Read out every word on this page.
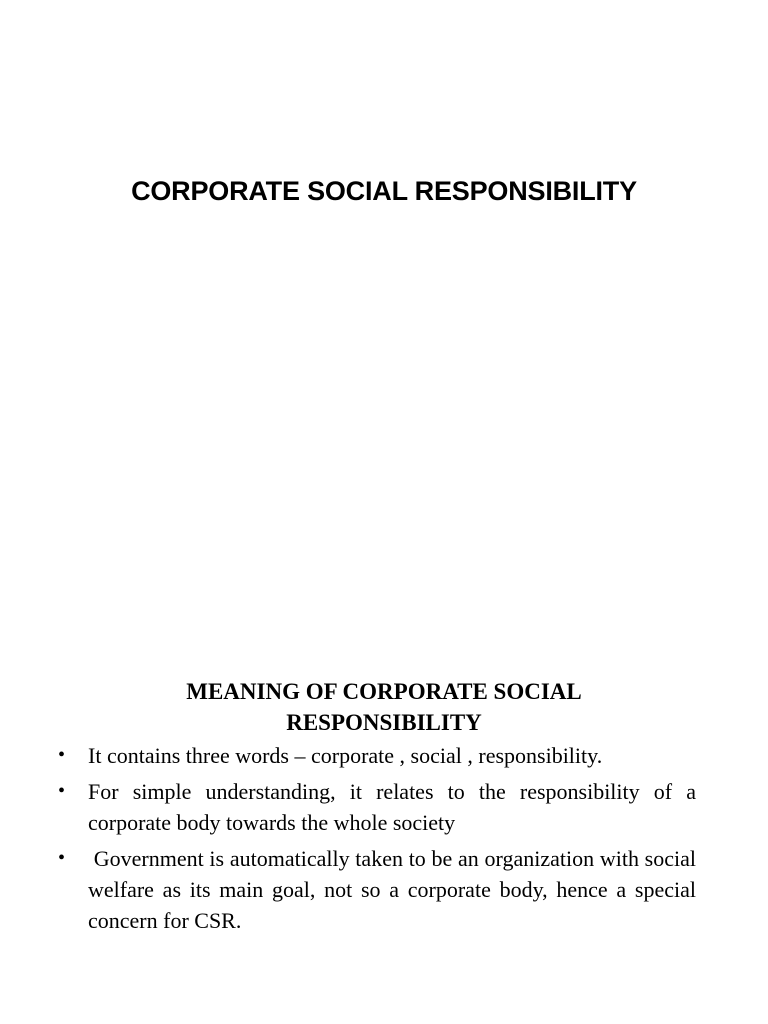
CORPORATE SOCIAL RESPONSIBILITY
MEANING OF CORPORATE SOCIAL RESPONSIBILITY
• It contains three words – corporate , social , responsibility.
• For simple understanding, it relates to the responsibility of a corporate body towards the whole society
• Government is automatically taken to be an organization with social welfare as its main goal, not so a corporate body, hence a special concern for CSR.
